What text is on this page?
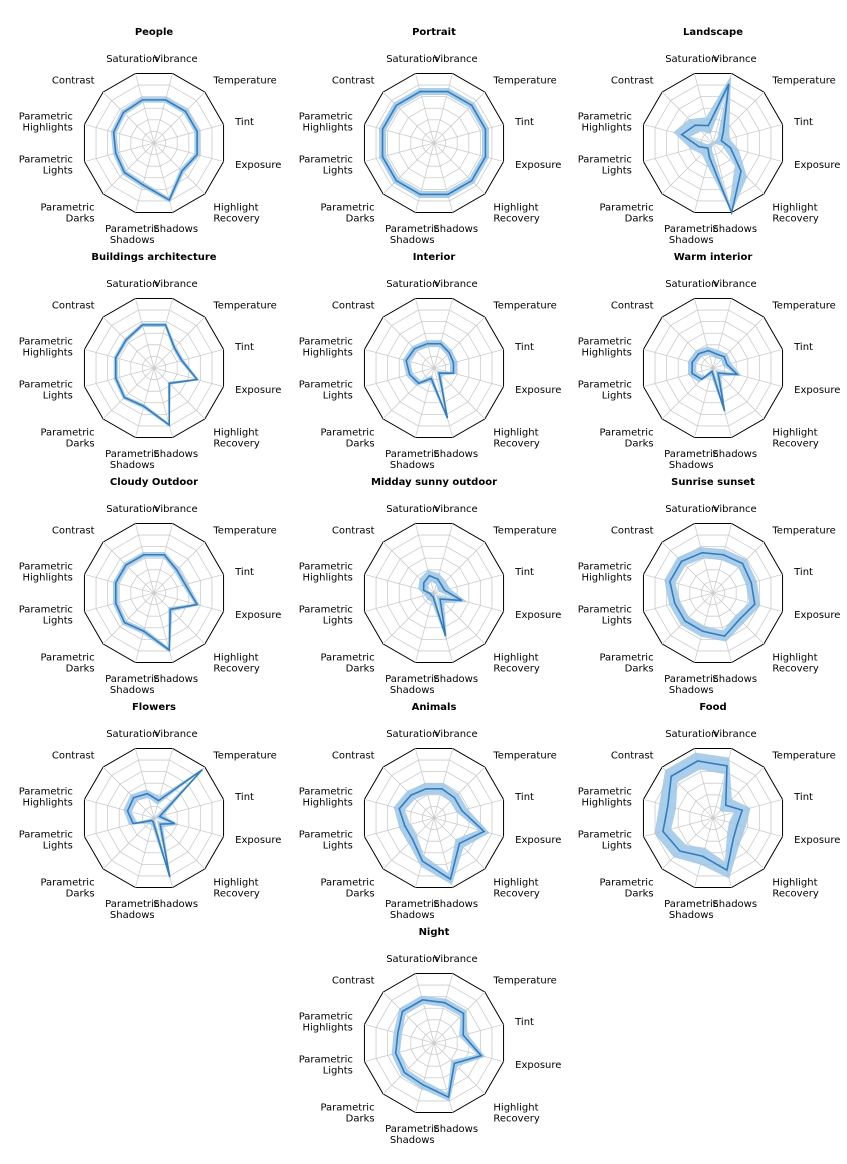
Vibrance
Temperature
Tint
Exposure
Highlight Recovery
Shadows
Parametric Shadows
Parametric Darks
Parametric Lights
Parametric Highlights
Contrast
Saturation
People
Vibrance
Temperature
Tint
Exposure
Highlight Recovery
Shadows
Parametric Shadows
Parametric Darks
Parametric Lights
Parametric Highlights
Contrast
Saturation
Portrait
Vibrance
Temperature
Tint
Exposure
Highlight Recovery
Shadows
Parametric Shadows
Parametric Darks
Parametric Lights
Parametric Highlights
Contrast
Saturation
Landscape
Vibrance
Temperature
Tint
Exposure
Highlight Recovery
Shadows
Parametric Shadows
Parametric Darks
Parametric Lights
Parametric Highlights
Contrast
Saturation
Buildings architecture
Vibrance
Temperature
Tint
Exposure
Highlight Recovery
Shadows
Parametric Shadows
Parametric Darks
Parametric Lights
Parametric Highlights
Contrast
Saturation
Interior
Vibrance
Temperature
Tint
Exposure
Highlight Recovery
Shadows
Parametric Shadows
Parametric Darks
Parametric Lights
Parametric Highlights
Contrast
Saturation
Warm interior
Vibrance
Temperature
Tint
Exposure
Highlight Recovery
Shadows
Parametric Shadows
Parametric Darks
Parametric Lights
Parametric Highlights
Contrast
Saturation
Cloudy Outdoor
Vibrance
Temperature
Tint
Exposure
Highlight Recovery
Shadows
Parametric Shadows
Parametric Darks
Parametric Lights
Parametric Highlights
Contrast
Saturation
Midday sunny outdoor
Vibrance
Temperature
Tint
Exposure
Highlight Recovery
Shadows
Parametric Shadows
Parametric Darks
Parametric Lights
Parametric Highlights
Contrast
Saturation
Sunrise sunset
Vibrance
Temperature
Tint
Exposure
Highlight Recovery
Shadows
Parametric Shadows
Parametric Darks
Parametric Lights
Parametric Highlights
Contrast
Saturation
Flowers
Vibrance
Temperature
Tint
Exposure
Highlight Recovery
Shadows
Parametric Shadows
Parametric Darks
Parametric Lights
Parametric Highlights
Contrast
Saturation
Animals
Vibrance
Temperature
Tint
Exposure
Highlight Recovery
Shadows
Parametric Shadows
Parametric Darks
Parametric Lights
Parametric Highlights
Contrast
Saturation
Food
Vibrance
Temperature
Tint
Exposure
Highlight Recovery
Shadows
Parametric Shadows
Parametric Darks
Parametric Lights
Parametric Highlights
Contrast
Saturation
Night
